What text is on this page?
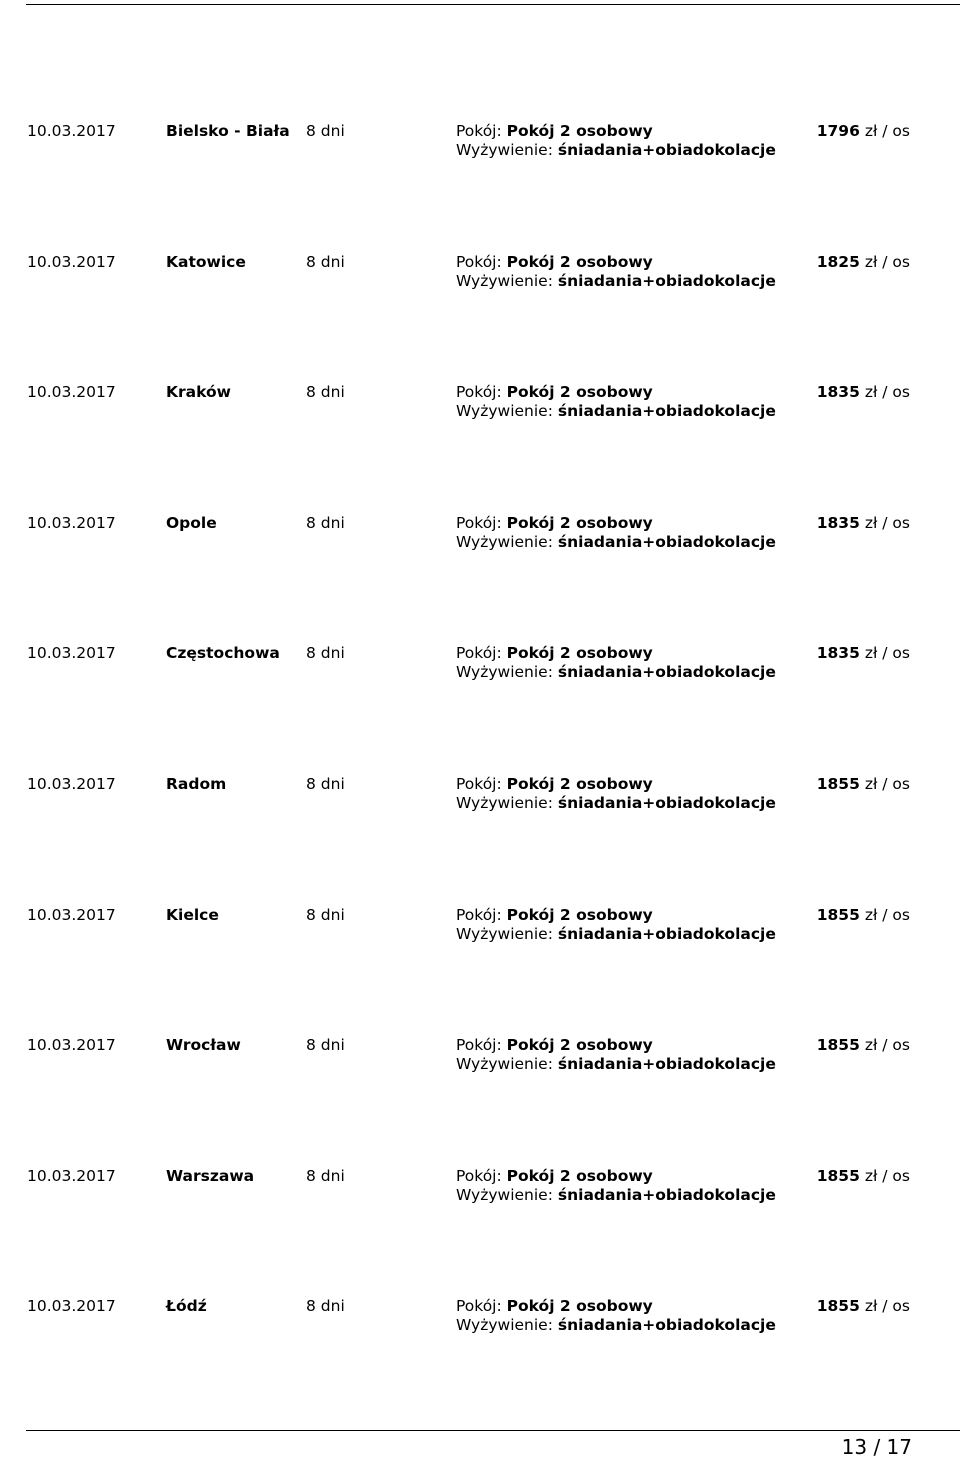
10.03.2017	Bielsko - Biała 8 dni	Pokój: Pokój 2 osobowy
Wyżywienie: śniadania+obiadokolacje
1796 zł / os
10.03.2017	Katowice	8 dni	Pokój: Pokój 2 osobowy
Wyżywienie: śniadania+obiadokolacje
1825 zł / os
10.03.2017	Kraków	8 dni	Pokój: Pokój 2 osobowy
Wyżywienie: śniadania+obiadokolacje
1835 zł / os
10.03.2017	Opole	8 dni	Pokój: Pokój 2 osobowy
Wyżywienie: śniadania+obiadokolacje
1835 zł / os
10.03.2017	Częstochowa 8 dni	Pokój: Pokój 2 osobowy
Wyżywienie: śniadania+obiadokolacje
1835 zł / os
10.03.2017	Radom	8 dni	Pokój: Pokój 2 osobowy
Wyżywienie: śniadania+obiadokolacje
1855 zł / os
10.03.2017	Kielce	8 dni	Pokój: Pokój 2 osobowy
Wyżywienie: śniadania+obiadokolacje
1855 zł / os
10.03.2017	Wrocław	8 dni	Pokój: Pokój 2 osobowy
Wyżywienie: śniadania+obiadokolacje
1855 zł / os
10.03.2017	Warszawa	8 dni	Pokój: Pokój 2 osobowy
Wyżywienie: śniadania+obiadokolacje
1855 zł / os
10.03.2017	Łódź	8 dni	Pokój: Pokój 2 osobowy
Wyżywienie: śniadania+obiadokolacje
1855 zł / os
13 / 17
